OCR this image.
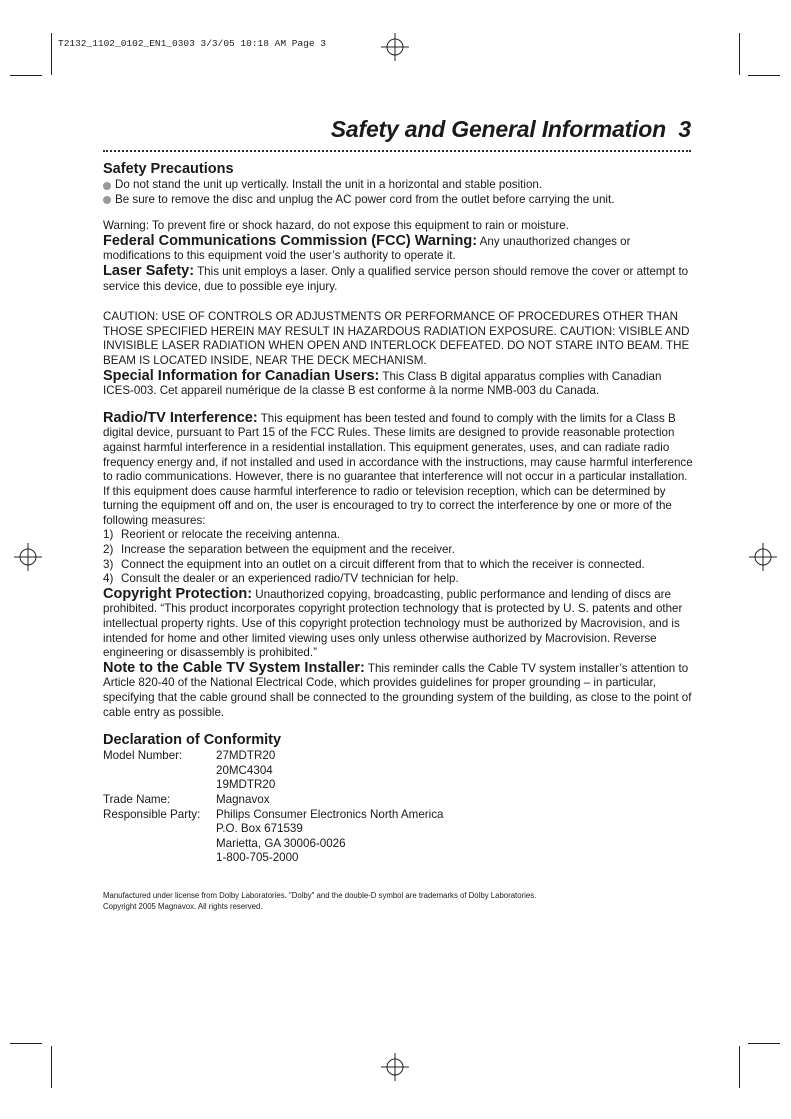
T2132_1102_0102_EN1_0303 3/3/05 10:18 AM Page 3
Safety and General Information 3
Safety Precautions

Do not stand the unit up vertically. Install the unit in a horizontal and stable position.

Be sure to remove the disc and unplug the AC power cord from the outlet before carrying the unit.

Warning: To prevent fire or shock hazard, do not expose this equipment to rain or moisture.

Federal Communications Commission (FCC) Warning: Any unauthorized changes or modifications to this equipment void the user’s authority to operate it.

Laser Safety: This unit employs a laser. Only a qualified service person should remove the cover or attempt to service this device, due to possible eye injury.

CAUTION: USE OF CONTROLS OR ADJUSTMENTS OR PERFORMANCE OF PROCEDURES OTHER THAN THOSE SPECIFIED HEREIN MAY RESULT IN HAZARDOUS RADIATION EXPOSURE. CAUTION: VISIBLE AND INVISIBLE LASER RADIATION WHEN OPEN AND INTERLOCK DEFEATED. DO NOT STARE INTO BEAM. THE BEAM IS LOCATED INSIDE, NEAR THE DECK MECHANISM.

Special Information for Canadian Users: This Class B digital apparatus complies with Canadian ICES-003. Cet appareil numérique de la classe B est conforme à la norme NMB-003 du Canada.

Radio/TV Interference: This equipment has been tested and found to comply with the limits for a Class B digital device, pursuant to Part 15 of the FCC Rules. These limits are designed to provide reasonable protection against harmful interference in a residential installation. This equipment generates, uses, and can radiate radio frequency energy and, if not installed and used in accordance with the instructions, may cause harmful interference to radio communications. However, there is no guarantee that interference will not occur in a particular installation. If this equipment does cause harmful interference to radio or television reception, which can be determined by turning the equipment off and on, the user is encouraged to try to correct the interference by one or more of the following measures:

1) Reorient or relocate the receiving antenna.
2) Increase the separation between the equipment and the receiver.
3) Connect the equipment into an outlet on a circuit different from that to which the receiver is connected.
4) Consult the dealer or an experienced radio/TV technician for help.

Copyright Protection: Unauthorized copying, broadcasting, public performance and lending of discs are prohibited. “This product incorporates copyright protection technology that is protected by U. S. patents and other intellectual property rights. Use of this copyright protection technology must be authorized by Macrovision, and is intended for home and other limited viewing uses only unless otherwise authorized by Macrovision. Reverse engineering or disassembly is prohibited.”

Note to the Cable TV System Installer: This reminder calls the Cable TV system installer’s attention to Article 820-40 of the National Electrical Code, which provides guidelines for proper grounding – in particular, specifying that the cable ground shall be connected to the grounding system of the building, as close to the point of cable entry as possible.

Declaration of Conformity
Model Number:	27MDTR20
	20MC4304
	19MDTR20
Trade Name:	Magnavox
Responsible Party:	Philips Consumer Electronics North America
	P.O. Box 671539
	Marietta, GA 30006-0026
	1-800-705-2000
Manufactured under license from Dolby Laboratories. "Dolby" and the double-D symbol are trademarks of Dolby Laboratories.
Copyright 2005 Magnavox. All rights reserved.
